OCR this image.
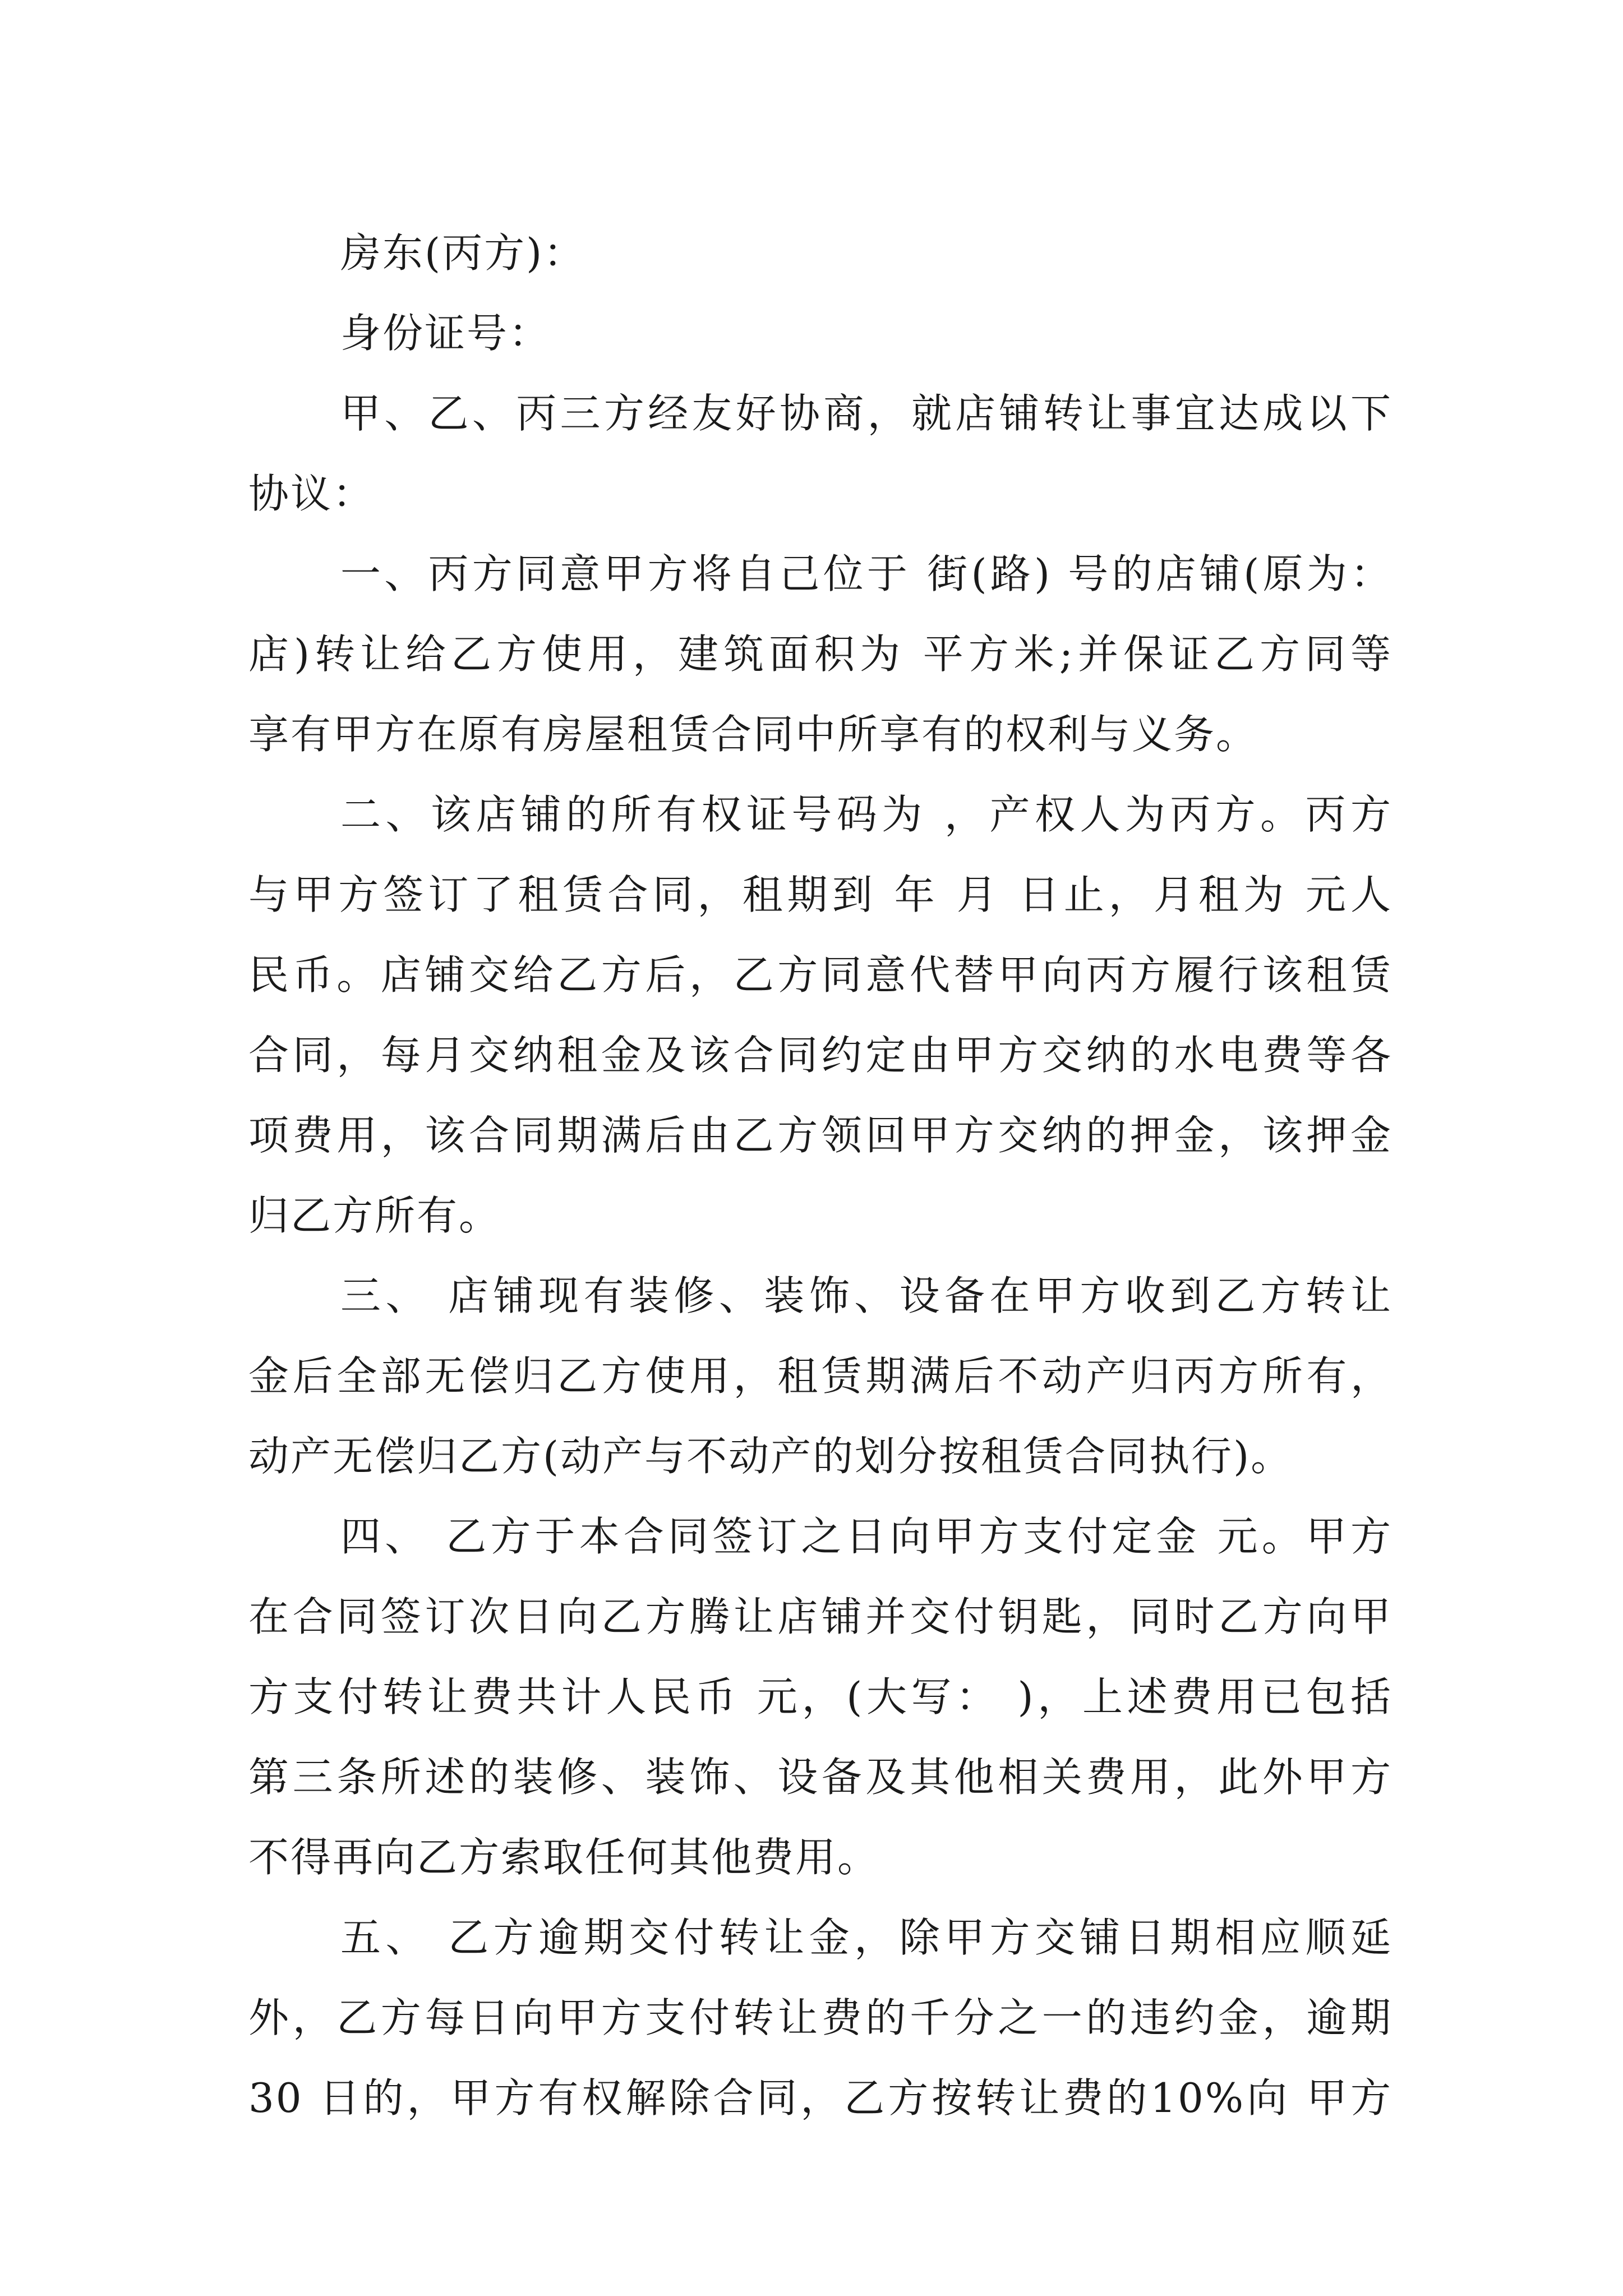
房东(丙方)：
身份证号：
甲、乙、丙三方经友好协商，就店铺转让事宜达成以下
协议：
一、丙方同意甲方将自己位于 街(路) 号的店铺(原为：
店)转让给乙方使用，建筑面积为 平方米;并保证乙方同等
享有甲方在原有房屋租赁合同中所享有的权利与义务。
二、该店铺的所有权证号码为 ，产权人为丙方。丙方
与甲方签订了租赁合同，租期到 年 月 日止，月租为 元人
民币。店铺交给乙方后，乙方同意代替甲向丙方履行该租赁
合同，每月交纳租金及该合同约定由甲方交纳的水电费等各
项费用，该合同期满后由乙方领回甲方交纳的押金，该押金
归乙方所有。
三、 店铺现有装修、装饰、设备在甲方收到乙方转让
金后全部无偿归乙方使用，租赁期满后不动产归丙方所有，
动产无偿归乙方(动产与不动产的划分按租赁合同执行)。
四、 乙方于本合同签订之日向甲方支付定金 元。甲方
在合同签订次日向乙方腾让店铺并交付钥匙，同时乙方向甲
方支付转让费共计人民币 元，(大写： )，上述费用已包括
第三条所述的装修、装饰、设备及其他相关费用，此外甲方
不得再向乙方索取任何其他费用。
五、 乙方逾期交付转让金，除甲方交铺日期相应顺延
外，乙方每日向甲方支付转让费的千分之一的违约金，逾期
30 日的，甲方有权解除合同，乙方按转让费的10%向 甲方
